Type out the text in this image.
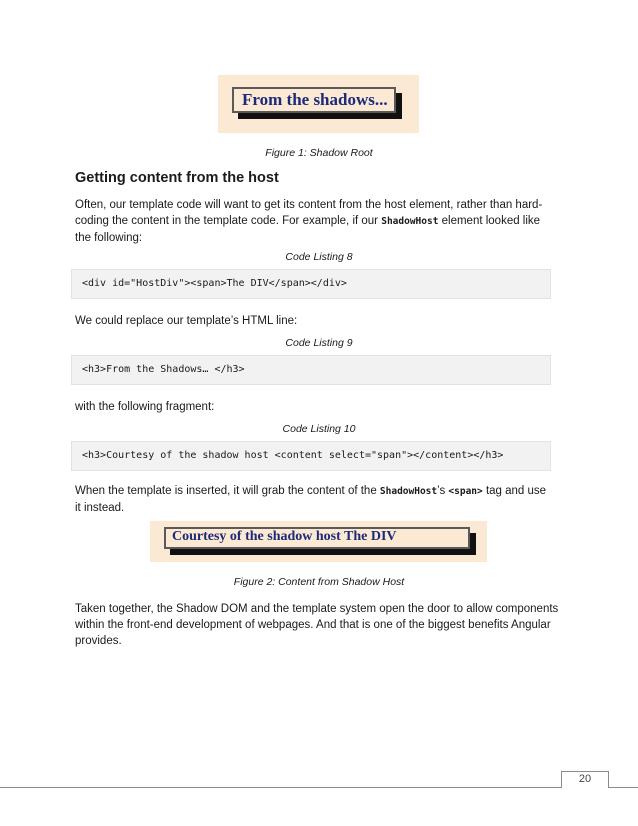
From the shadows...
Figure 1: Shadow Root
Getting content from the host
Often, our template code will want to get its content from the host element, rather than hard-
coding the content in the template code. For example, if our ShadowHost element looked like
the following:
Code Listing 8
<div id="HostDiv"><span>The DIV</span></div>
We could replace our template’s HTML line:
Code Listing 9
<h3>From the Shadows… </h3>
with the following fragment:
Code Listing 10
<h3>Courtesy of the shadow host <content select="span"></content></h3>
When the template is inserted, it will grab the content of the ShadowHost’s <span> tag and use
it instead.
Courtesy of the shadow host The DIV
Figure 2: Content from Shadow Host
Taken together, the Shadow DOM and the template system open the door to allow components
within the front-end development of webpages. And that is one of the biggest benefits Angular
provides.
20
